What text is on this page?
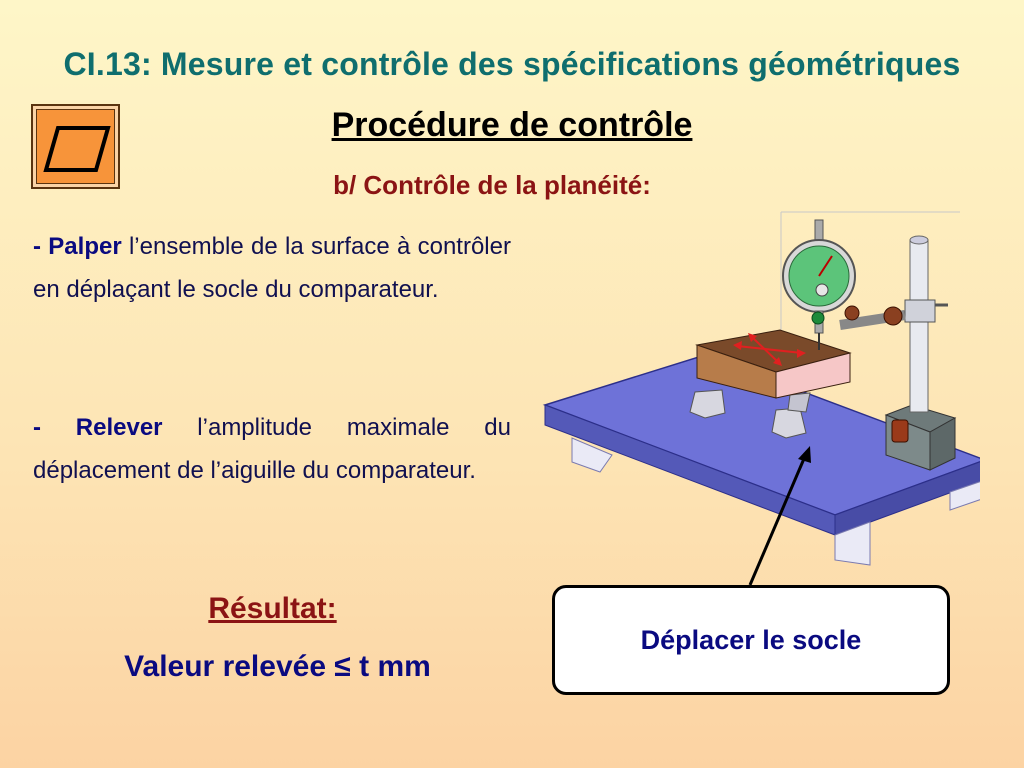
CI.13: Mesure et contrôle des spécifications géométriques
Procédure de contrôle
b/ Contrôle de la planéité:
- Palper l’ensemble de la surface à contrôler en déplaçant le socle du comparateur.
- Relever l’amplitude maximale du déplacement de l’aiguille du comparateur.
Résultat:
Valeur relevée ≤ t mm
Déplacer le socle
